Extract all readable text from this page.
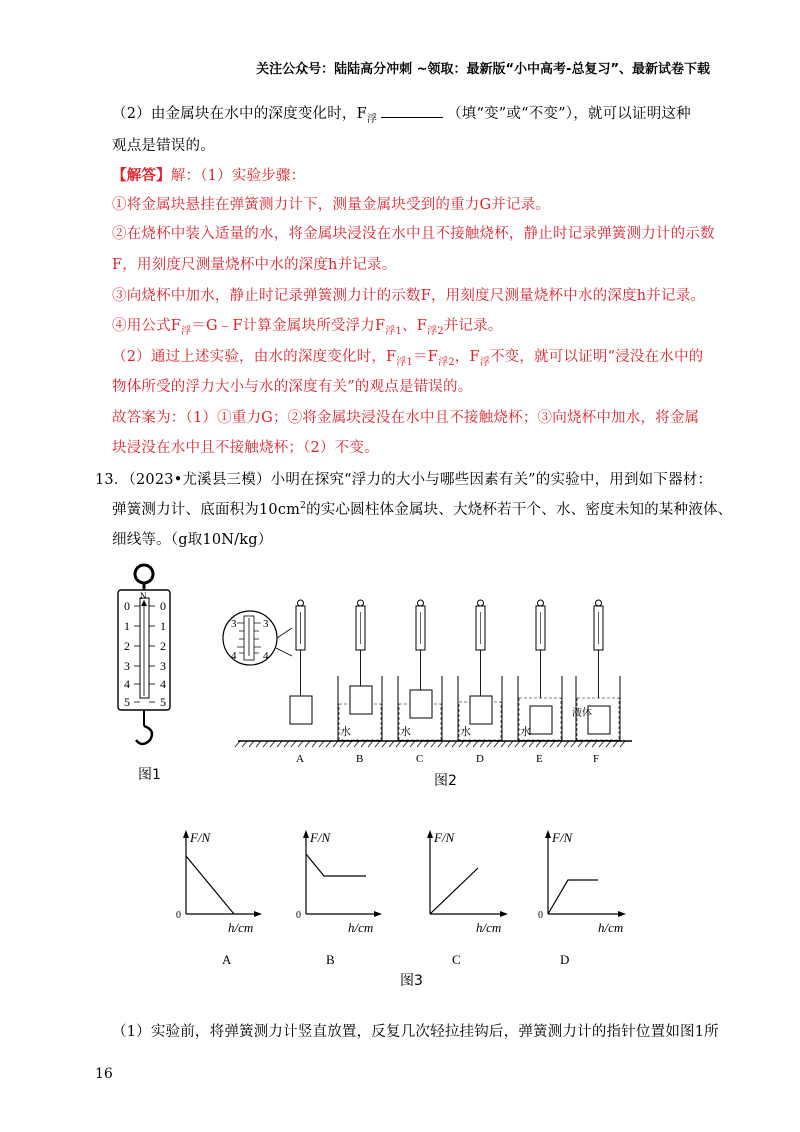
关注公众号：陆陆高分冲刺 ~领取：最新版“小中高考-总复习”、最新试卷下载
（2）由金属块在水中的深度变化时，$F_浮$	（填“变”或“不变”），就可以证明这种
观点是错误的。
【解答】解：（1）实验步骤：
①将金属块悬挂在弹簧测力计下，测量金属块受到的重力G并记录。
②在烧杯中装入适量的水，将金属块浸没在水中且不接触烧杯，静止时记录弹簧测力计的示数
F，用刻度尺测量烧杯中水的深度h并记录。
③向烧杯中加水，静止时记录弹簧测力计的示数F，用刻度尺测量烧杯中水的深度h并记录。
④用公式$F_浮=G﹣F$计算金属块所受浮力$F_{浮1}$、$F_{浮2}$并记录。
（2）通过上述实验，由水的深度变化时，$F_{浮1}=F_{浮2}$，$F_浮$不变，就可以证明“浸没在水中的
物体所受的浮力大小与水的深度有关”的观点是错误的。
故答案为：（1）①重力G；②将金属块浸没在水中且不接触烧杯；③向烧杯中加水，将金属
块浸没在水中且不接触烧杯；（2）不变。
13．（2023•尤溪县三模）小明在探究“浮力的大小与哪些因素有关”的实验中，用到如下器材：
弹簧测力计、底面积为$10cm^2$的实心圆柱体金属块、大烧杯若干个、水、密度未知的某种液体、
细线等。（g取10N/kg）
0	0
1	1
2	2
3	3
4	4
5	5
N
图1
3 3
4 4
水	水	水	水
液体
A	B	C	D	E	F
图2
F/N
h/cm
0
A
F/N
h/cm
0
B
F/N
h/cm
C
F/N
h/cm
0
D
图3
（1）实验前，将弹簧测力计竖直放置，反复几次轻拉挂钩后，弹簧测力计的指针位置如图1所
16
